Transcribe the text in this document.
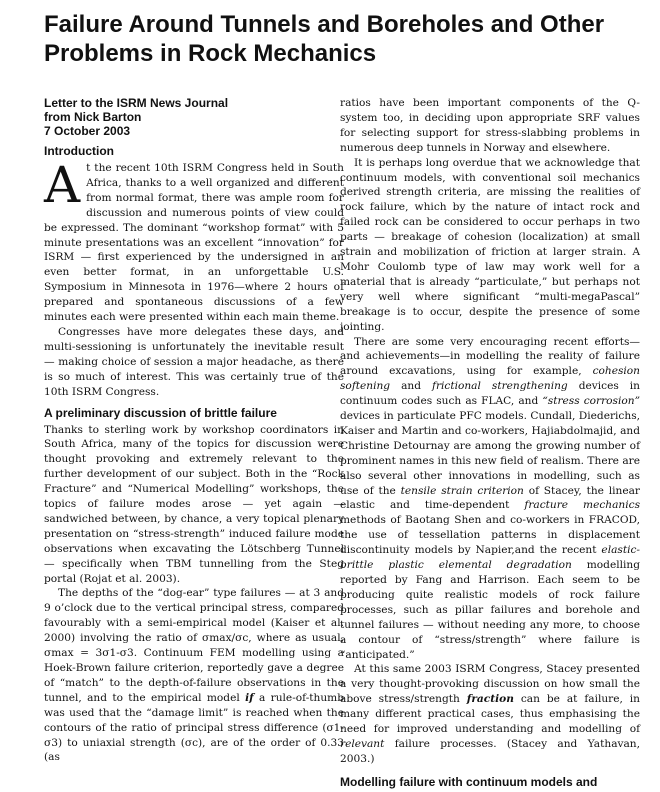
Failure Around Tunnels and Boreholes and Other Problems in Rock Mechanics
Letter to the ISRM News Journal
from Nick Barton
7 October 2003
Introduction

At the recent 10th ISRM Congress held in South Africa, thanks to a well organized and different from normal format, there was ample room for discussion and numerous points of view could be expressed. The dominant “workshop format” with 5 minute presentations was an excellent “innovation” for ISRM — first experienced by the undersigned in an even better format, in an unforgettable U.S. Symposium in Minnesota in 1976—where 2 hours of prepared and spontaneous discussions of a few minutes each were presented within each main theme.

Congresses have more delegates these days, and multi-sessioning is unfortunately the inevitable result — making choice of session a major headache, as there is so much of interest. This was certainly true of the 10th ISRM Congress.

A preliminary discussion of brittle failure

Thanks to sterling work by workshop coordinators in South Africa, many of the topics for discussion were thought provoking and extremely relevant to the further development of our subject. Both in the “Rock Fracture” and “Numerical Modelling” workshops, the topics of failure modes arose — yet again — sandwiched between, by chance, a very topical plenary presentation on “stress-strength” induced failure mode observations when excavating the Lötschberg Tunnel — specifically when TBM tunnelling from the Steg portal (Rojat et al. 2003).

The depths of the “dog-ear” type failures — at 3 and 9 o’clock due to the vertical principal stress, compared favourably with a semi-empirical model (Kaiser et al. 2000) involving the ratio of σmax/σc, where as usual, σmax = 3σ1-σ3. Continuum FEM modelling using a Hoek-Brown failure criterion, reportedly gave a degree of “match” to the depth-of-failure observations in the tunnel, and to the empirical model if a rule-of-thumb was used that the “damage limit” is reached when the contours of the ratio of principal stress difference (σ1-σ3) to uniaxial strength (σc), are of the order of 0.33 (as

ratios have been important components of the Q-system too, in deciding upon appropriate SRF values for selecting support for stress-slabbing problems in numerous deep tunnels in Norway and elsewhere.

It is perhaps long overdue that we acknowledge that continuum models, with conventional soil mechanics derived strength criteria, are missing the realities of rock failure, which by the nature of intact rock and failed rock can be considered to occur perhaps in two parts — breakage of cohesion (localization) at small strain and mobilization of friction at larger strain. A Mohr Coulomb type of law may work well for a material that is already “particulate,” but perhaps not very well where significant “multi-megaPascal” breakage is to occur, despite the presence of some jointing.

There are some very encouraging recent efforts— and achievements—in modelling the reality of failure around excavations, using for example, cohesion softening and frictional strengthening devices in continuum codes such as FLAC, and “stress corrosion” devices in particulate PFC models. Cundall, Diederichs, Kaiser and Martin and co-workers, Hajiabdolmajid, and Christine Detournay are among the growing number of prominent names in this new field of realism. There are also several other innovations in modelling, such as use of the tensile strain criterion of Stacey, the linear elastic and time-dependent fracture mechanics methods of Baotang Shen and co-workers in FRACOD, the use of tessellation patterns in displacement discontinuity models by Napier,and the recent elastic-brittle plastic elemental degradation modelling reported by Fang and Harrison. Each seem to be producing quite realistic models of rock failure processes, such as pillar failures and borehole and tunnel failures — without needing any more, to choose a contour of “stress/strength” where failure is “anticipated.”

At this same 2003 ISRM Congress, Stacey presented a very thought-provoking discussion on how small the above stress/strength fraction can be at failure, in many different practical cases, thus emphasising the need for improved understanding and modelling of relevant failure processes. (Stacey and Yathavan, 2003.)

Modelling failure with continuum models and
